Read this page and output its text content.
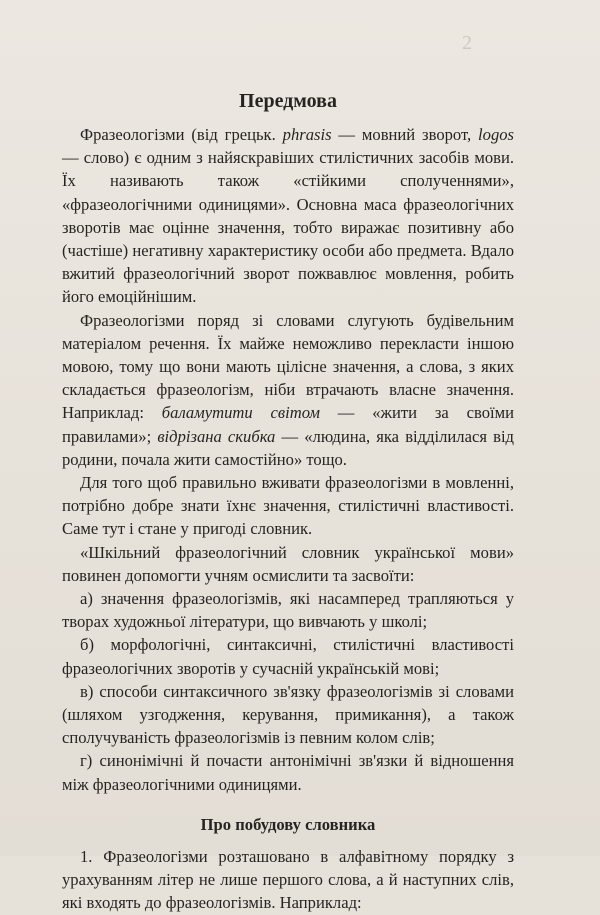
2
Передмова

Фразеологізми (від грецьк. phrasis — мовний зворот, logos — слово) є одним з найяскравіших стилістичних засобів мови. Їх називають також «стійкими сполученнями», «фразеологічними одиницями». Основна маса фразеологічних зворотів має оцінне значення, тобто виражає позитивну або (частіше) негативну характеристику особи або предмета. Вдало вжитий фразеологічний зворот пожвавлює мовлення, робить його емоційнішим.

Фразеологізми поряд зі словами слугують будівельним матеріалом речення. Їх майже неможливо перекласти іншою мовою, тому що вони мають цілісне значення, а слова, з яких складається фразеологізм, ніби втрачають власне значення. Наприклад: баламутити світом — «жити за своїми правилами»; відрізана скибка — «людина, яка відділилася від родини, почала жити самостійно» тощо.

Для того щоб правильно вживати фразеологізми в мовленні, потрібно добре знати їхнє значення, стилістичні властивості. Саме тут і стане у пригоді словник.

«Шкільний фразеологічний словник української мови» повинен допомогти учням осмислити та засвоїти:

а) значення фразеологізмів, які насамперед трапляються у творах художньої літератури, що вивчають у школі;

б) морфологічні, синтаксичні, стилістичні властивості фразеологічних зворотів у сучасній українській мові;

в) способи синтаксичного зв'язку фразеологізмів зі словами (шляхом узгодження, керування, примикання), а також сполучуваність фразеологізмів із певним колом слів;

г) синонімічні й почасти антонімічні зв'язки й відношення між фразеологічними одиницями.

Про побудову словника

1. Фразеологізми розташовано в алфавітному порядку з урахуванням літер не лише першого слова, а й наступних слів, які входять до фразеологізмів. Наприклад:
